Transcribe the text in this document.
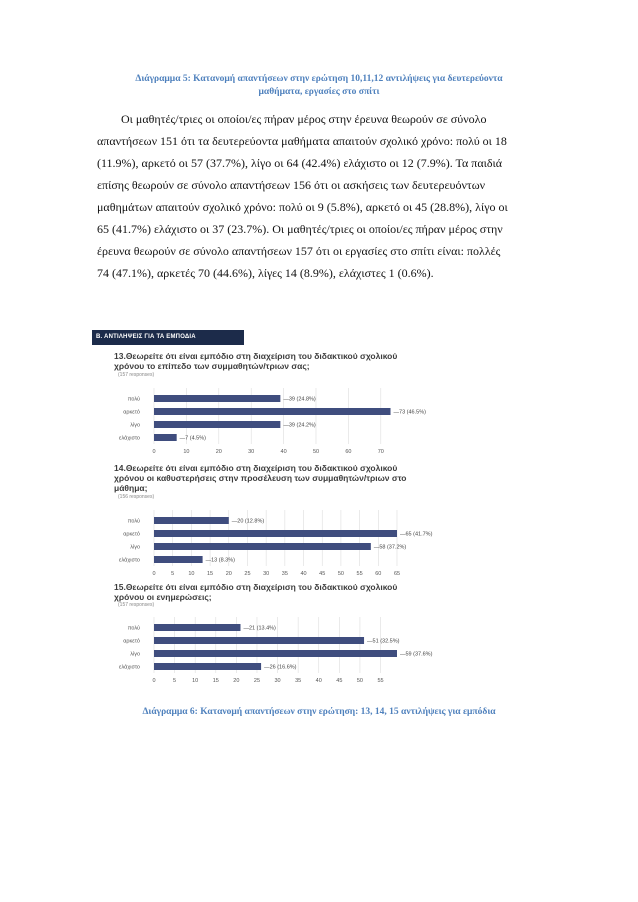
Διάγραμμα 5: Κατανομή απαντήσεων στην ερώτηση 10,11,12 αντιλήψεις για δευτερεύοντα
μαθήματα, εργασίες στο σπίτι
Οι μαθητές/τριες οι οποίοι/ες πήραν μέρος στην έρευνα θεωρούν σε σύνολο
απαντήσεων 151 ότι τα δευτερεύοντα μαθήματα απαιτούν σχολικό χρόνο: πολύ οι 18
(11.9%), αρκετό οι 57 (37.7%), λίγο οι 64 (42.4%) ελάχιστο οι 12 (7.9%). Τα παιδιά
επίσης θεωρούν σε σύνολο απαντήσεων 156 ότι οι ασκήσεις των δευτερευόντων
μαθημάτων απαιτούν σχολικό χρόνο: πολύ οι 9 (5.8%), αρκετό οι 45 (28.8%), λίγο οι
65 (41.7%) ελάχιστο οι 37 (23.7%). Οι μαθητές/τριες οι οποίοι/ες πήραν μέρος στην
έρευνα θεωρούν σε σύνολο απαντήσεων 157 ότι οι εργασίες στο σπίτι είναι: πολλές
74 (47.1%), αρκετές 70 (44.6%), λίγες 14 (8.9%), ελάχιστες 1 (0.6%).
Β. ΑΝΤΙΛΗΨΕΙΣ ΓΙΑ ΤΑ ΕΜΠΟΔΙΑ
13.Θεωρείτε ότι είναι εμπόδιο στη διαχείριση του διδακτικού σχολικού
χρόνου το επίπεδο των συμμαθητών/τριων σας;
(157 responses)
0	10	20	30	40	50	60	70
πολύ	—39 (24.8%)
αρκετό	—73 (46.5%)
λίγο	—39 (24.2%)
ελάχιστο	—7 (4.5%)
14.Θεωρείτε ότι είναι εμπόδιο στη διαχείριση του διδακτικού σχολικού
χρόνου οι καθυστερήσεις στην προσέλευση των συμμαθητών/τριων στο
μάθημα;
(156 responses)
0	5	10 15 20 25 30 35 40 45 50 55 60 65
πολύ	—20 (12.8%)
αρκετό	—65 (41.7%)
λίγο	—58 (37.2%)
ελάχιστο	—13 (8.3%)
15.Θεωρείτε ότι είναι εμπόδιο στη διαχείριση του διδακτικού σχολικού
χρόνου οι ενημερώσεις;
(157 responses)
0	5	10	15	20	25	30	35	40	45	50	55
πολύ	—21 (13.4%)
αρκετό	—51 (32.5%)
λίγο	—59 (37.6%)
ελάχιστο	—26 (16.6%)
Διάγραμμα 6: Κατανομή απαντήσεων στην ερώτηση: 13, 14, 15 αντιλήψεις για εμπόδια
